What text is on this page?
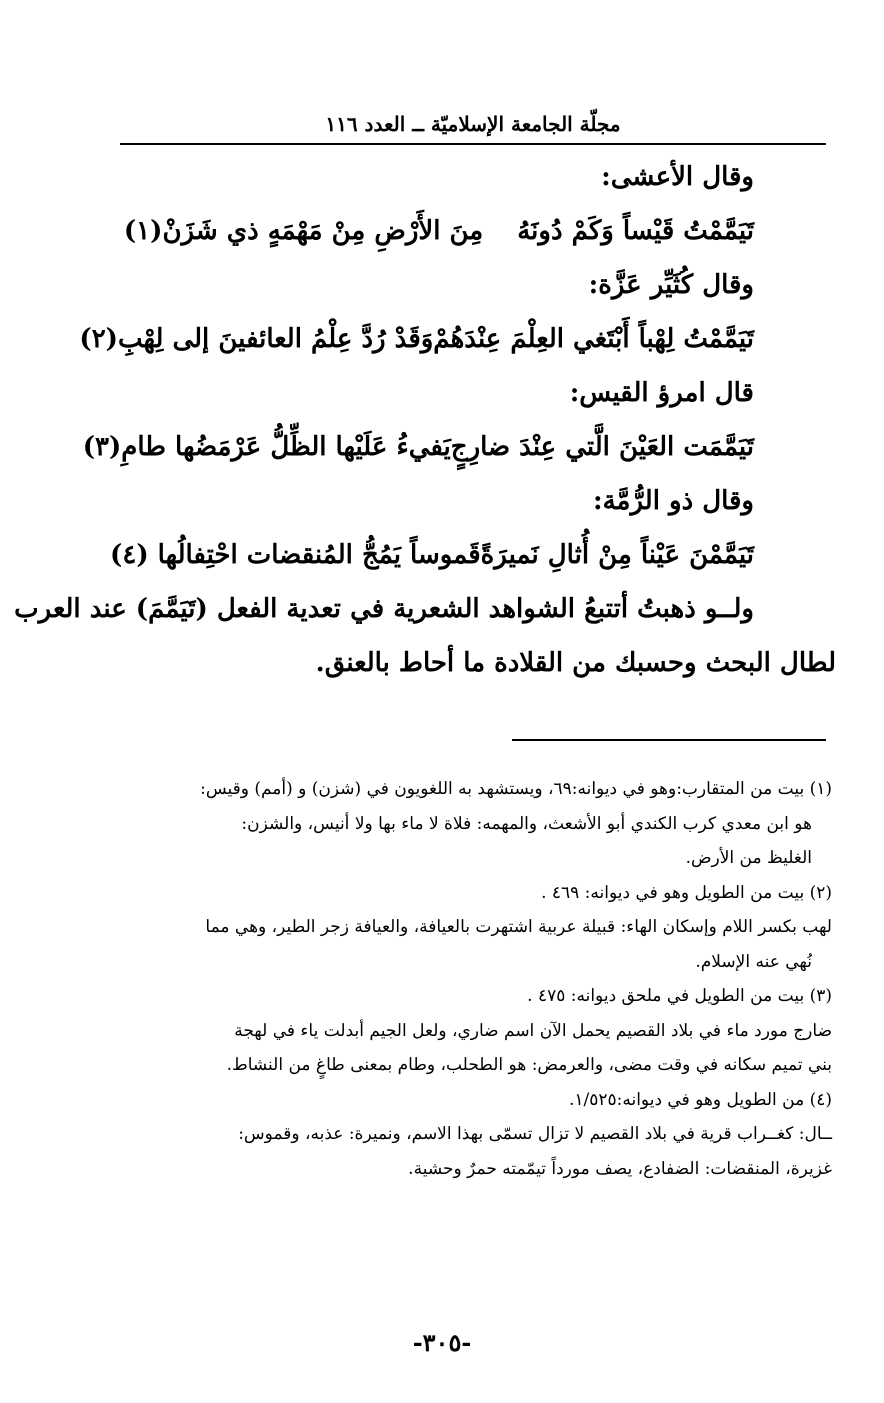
مجلّة الجامعة الإسلاميّة ــ العدد ١١٦
وقال الأعشى:
تَيَمَّمْتُ قَيْساً وَكَمْ دُونَهُ
مِنَ الأَرْضِ مِنْ مَهْمَهٍ ذي شَزَنْ(١)
وقال كُثَيِّر عَزَّة:
تَيَمَّمْتُ لِهْباً أَبْتَغي العِلْمَ عِنْدَهُمْ
وَقَدْ رُدَّ عِلْمُ العائفينَ إلى لِهْبِ(٢)
قال امرؤ القيس:
تَيَمَّمَت العَيْنَ الَّتي عِنْدَ ضارِجٍ
يَفيءُ عَلَيْها الظِّلُّ عَرْمَضُها طامِ(٣)
وقال ذو الرُّمَّة:
تَيَمَّمْنَ عَيْناً مِنْ أُثالِ نَميرَةً
قَموساً يَمُجُّ المُنقضات احْتِفالُها (٤)
ولــو ذهبتُ أتتبعُ الشواهد الشعرية في تعدية الفعل (تَيَمَّمَ) عند العرب
لطال البحث وحسبك من القلادة ما أحاط بالعنق.
(١) بيت من المتقارب:وهو في ديوانه:٦٩، ويستشهد به اللغويون في (شزن) و (أمم) وقيس:
هو ابن معدي كرب الكندي أبو الأشعث، والمهمه: فلاة لا ماء بها ولا أنيس، والشزن:
الغليظ من الأرض.
(٢) بيت من الطويل وهو في ديوانه: ٤٦٩ .
لهب بكسر اللام وإسكان الهاء: قبيلة عربية اشتهرت بالعيافة، والعيافة زجر الطير، وهي مما
نُهي عنه الإسلام.
(٣) بيت من الطويل في ملحق ديوانه: ٤٧٥ .
ضارج مورد ماء في بلاد القصيم يحمل الآن اسم ضاري، ولعل الجيم أبدلت ياء في لهجة
بني تميم سكانه في وقت مضى، والعرمض: هو الطحلب، وطام بمعنى طاغٍ من النشاط.
(٤) من الطويل وهو في ديوانه:١/٥٢٥.
ــال: كغــراب قرية في بلاد القصيم لا تزال تسمّى بهذا الاسم، ونميرة: عذبه، وقموس:
غزيرة، المنقضات: الضفادع، يصف مورداً تيمّمته حمرٌ وحشية.
-٣٠٥-
